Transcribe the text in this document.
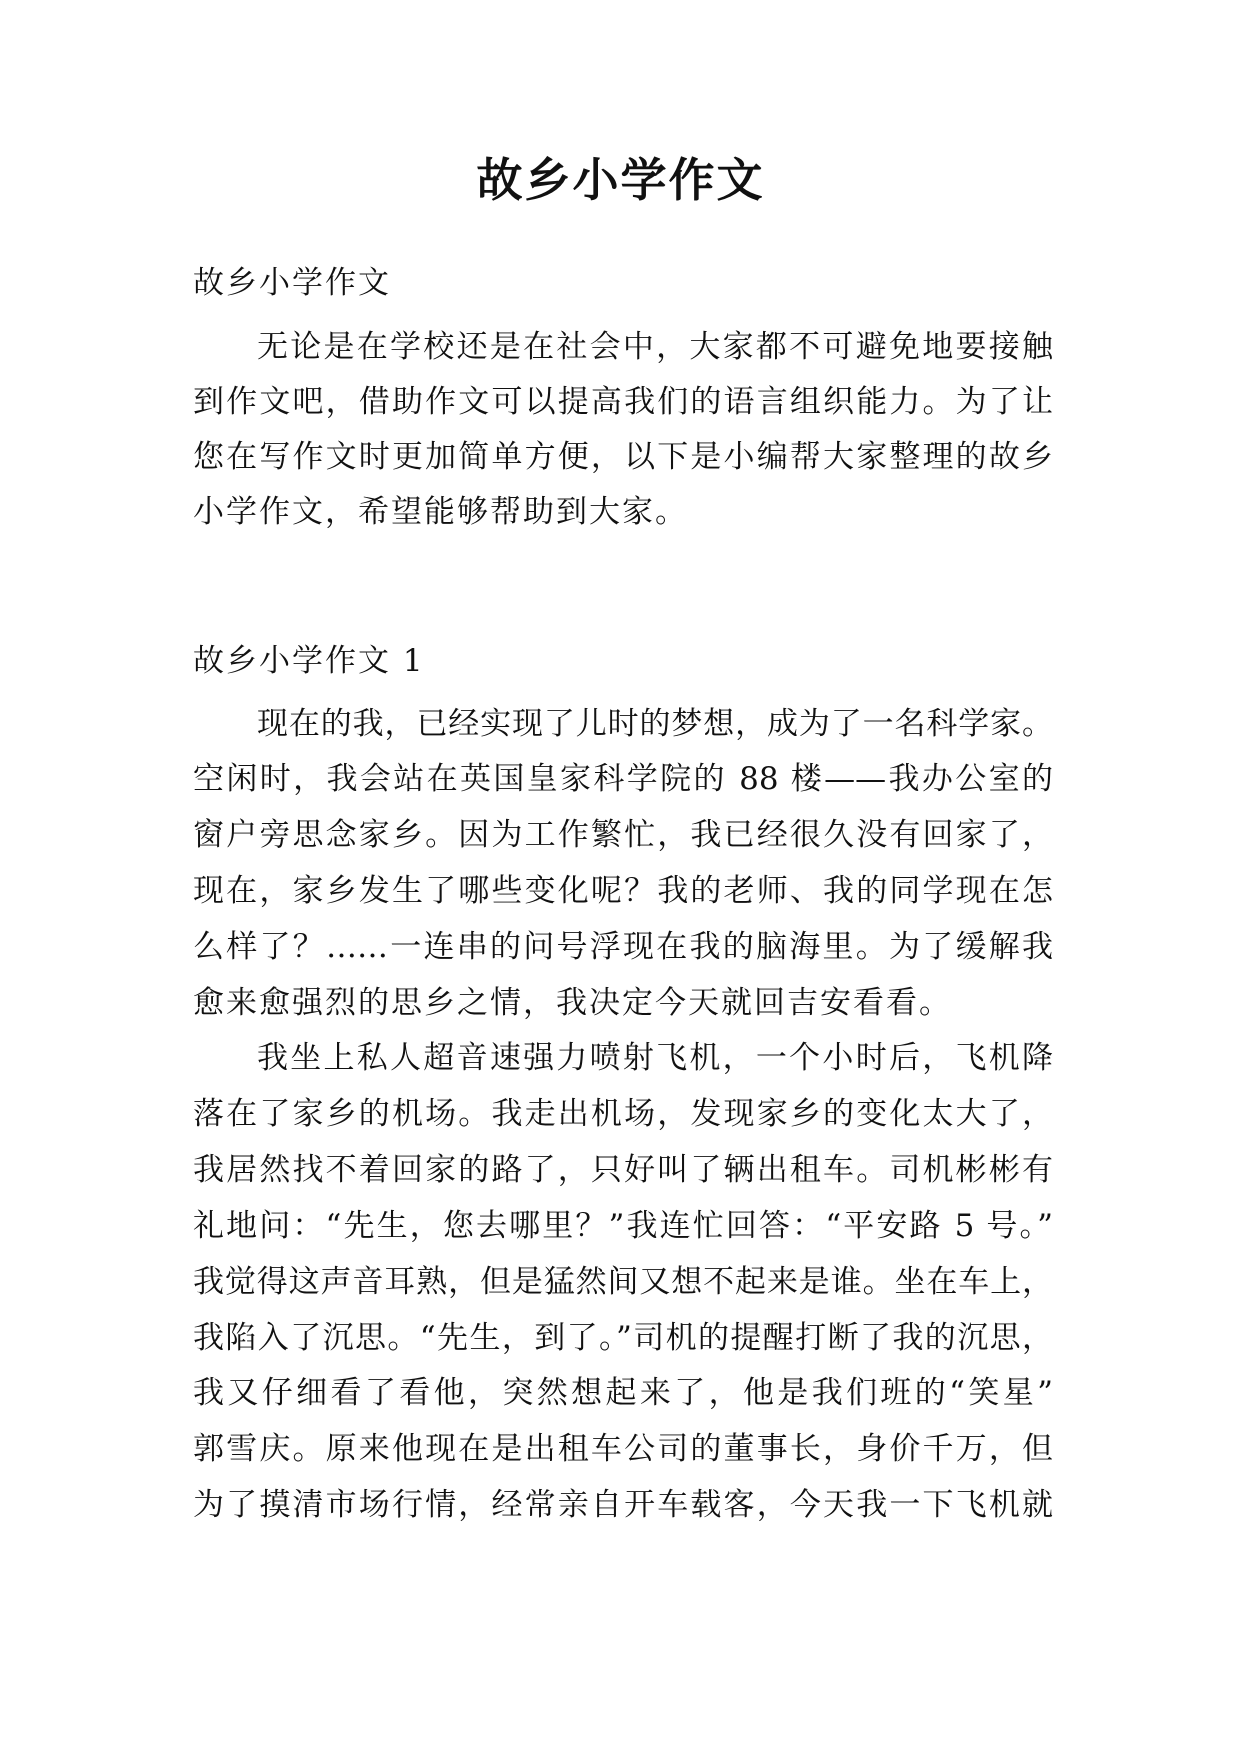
故乡小学作文
故乡小学作文
无论是在学校还是在社会中，大家都不可避免地要接触
到作文吧，借助作文可以提高我们的语言组织能力。为了让
您在写作文时更加简单方便，以下是小编帮大家整理的故乡
小学作文，希望能够帮助到大家。
故乡小学作文 1
现在的我，已经实现了儿时的梦想，成为了一名科学家。
空闲时，我会站在英国皇家科学院的 88 楼——我办公室的
窗户旁思念家乡。因为工作繁忙，我已经很久没有回家了，
现在，家乡发生了哪些变化呢？我的老师、我的同学现在怎
么样了？……一连串的问号浮现在我的脑海里。为了缓解我
愈来愈强烈的思乡之情，我决定今天就回吉安看看。
我坐上私人超音速强力喷射飞机，一个小时后，飞机降
落在了家乡的机场。我走出机场，发现家乡的变化太大了，
我居然找不着回家的路了，只好叫了辆出租车。司机彬彬有
礼地问：“先生，您去哪里？”我连忙回答：“平安路 5 号。”
我觉得这声音耳熟，但是猛然间又想不起来是谁。坐在车上，
我陷入了沉思。“先生，到了。”司机的提醒打断了我的沉思，
我又仔细看了看他，突然想起来了，他是我们班的“笑星”
郭雪庆。原来他现在是出租车公司的董事长，身价千万，但
为了摸清市场行情，经常亲自开车载客，今天我一下飞机就
